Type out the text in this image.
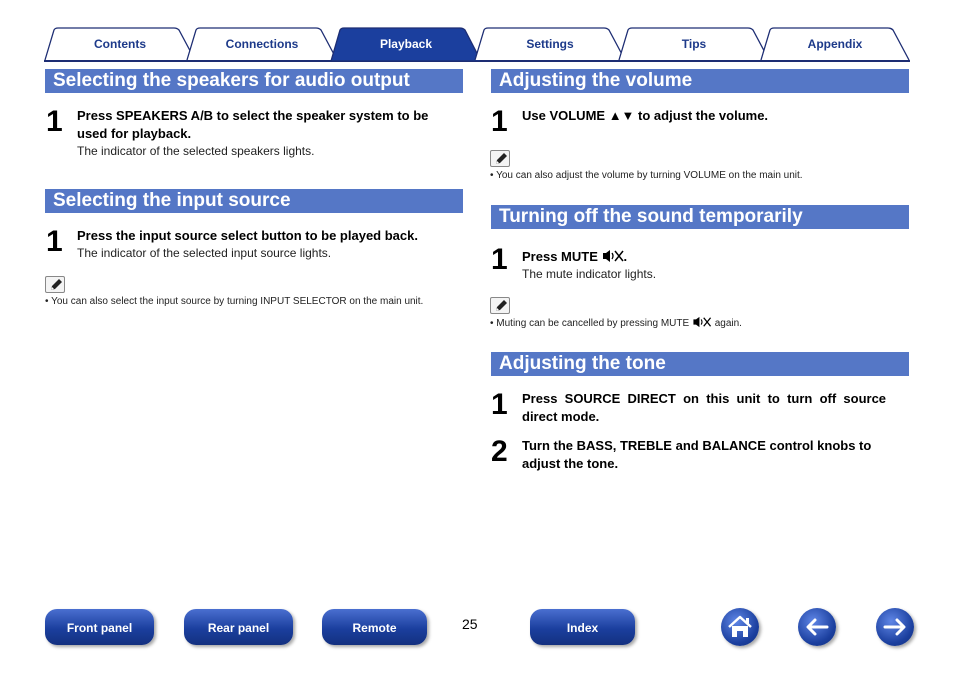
Contents	Connections	Playback	Settings	Tips	Appendix
Selecting the speakers for audio output
1 Press SPEAKERS A/B to select the speaker system to be
used for playback.
The indicator of the selected speakers lights.
Selecting the input source
1 Press the input source select button to be played back.
The indicator of the selected input source lights.
• You can also select the input source by turning INPUT SELECTOR on the main unit.
Adjusting the volume
1 Use VOLUME ▲▼ to adjust the volume.
• You can also adjust the volume by turning VOLUME on the main unit.
Turning off the sound temporarily
1 Press MUTE .
The mute indicator lights.
• Muting can be cancelled by pressing MUTE  again.
Adjusting the tone
1 Press  SOURCE  DIRECT  on  this  unit  to  turn  off  source
direct mode.
2 Turn the BASS, TREBLE and BALANCE control knobs to
adjust the tone.
Front panel	Rear panel	Remote	25	Index
